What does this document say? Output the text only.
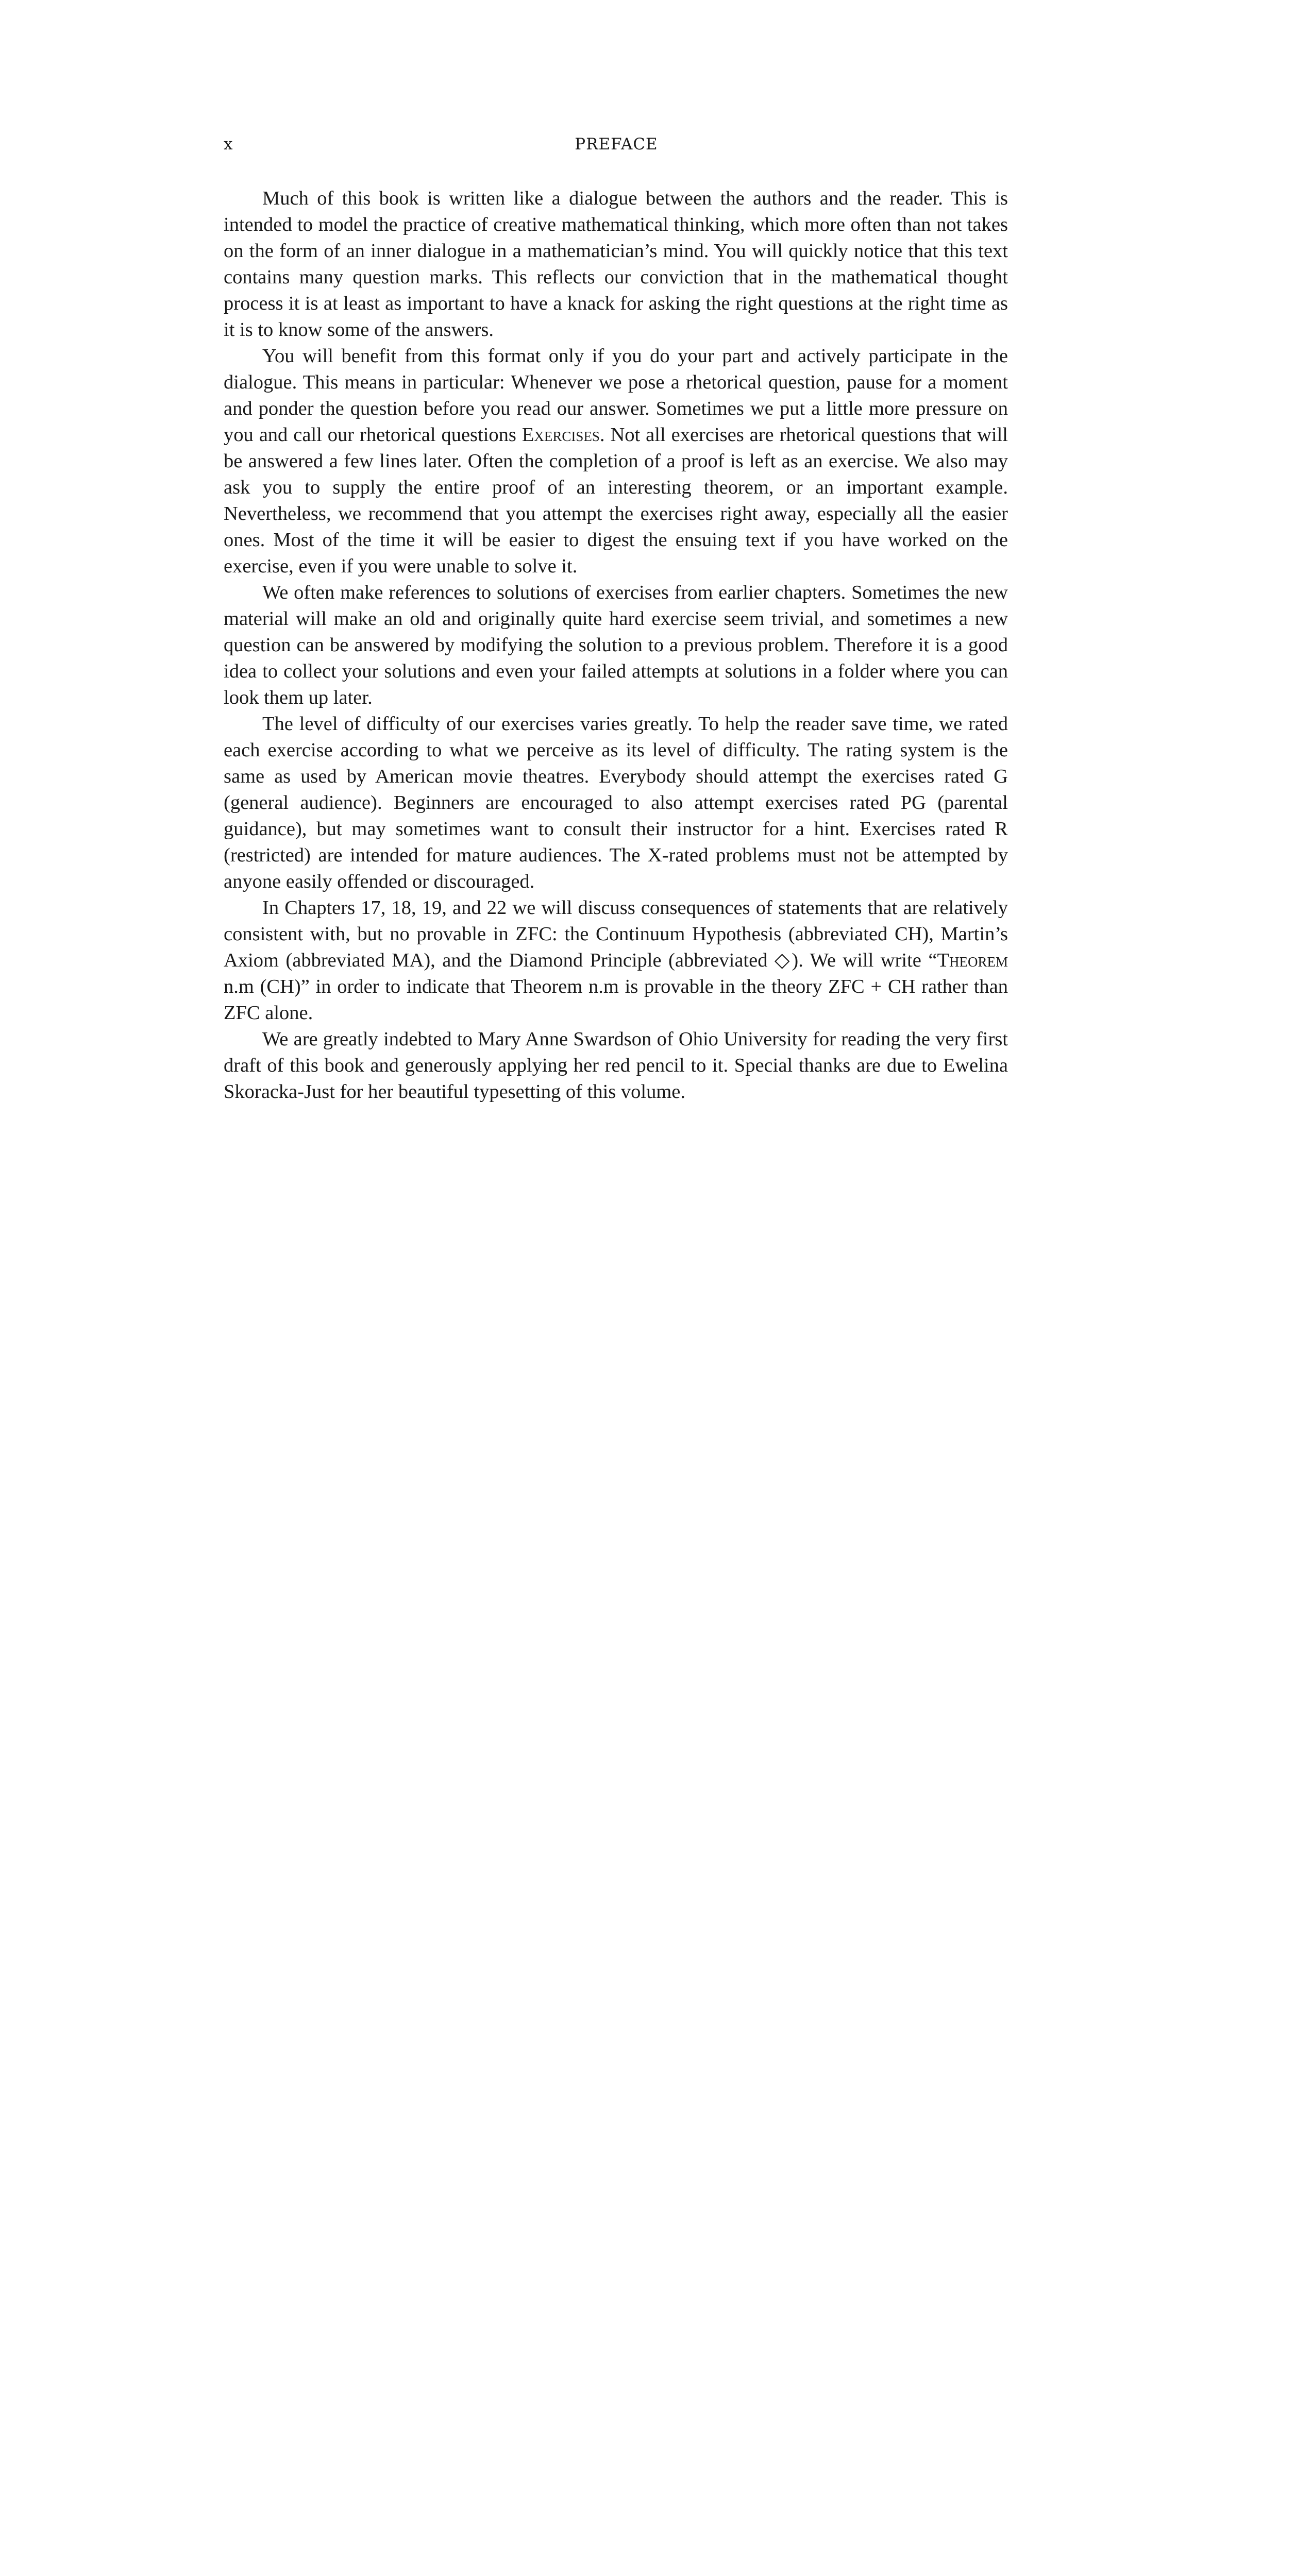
x	PREFACE

Much of this book is written like a dialogue between the authors and the reader. This is intended to model the practice of creative mathematical thinking, which more often than not takes on the form of an inner dialogue in a mathematician’s mind. You will quickly notice that this text contains many question marks. This reflects our conviction that in the mathematical thought process it is at least as important to have a knack for asking the right questions at the right time as it is to know some of the answers.

You will benefit from this format only if you do your part and actively participate in the dialogue. This means in particular: Whenever we pose a rhetorical question, pause for a moment and ponder the question before you read our answer. Sometimes we put a little more pressure on you and call our rhetorical questions Exercises. Not all exercises are rhetorical questions that will be answered a few lines later. Often the completion of a proof is left as an exercise. We also may ask you to supply the entire proof of an interesting theorem, or an important example. Nevertheless, we recommend that you attempt the exercises right away, especially all the easier ones. Most of the time it will be easier to digest the ensuing text if you have worked on the exercise, even if you were unable to solve it.

We often make references to solutions of exercises from earlier chapters. Sometimes the new material will make an old and originally quite hard exercise seem trivial, and sometimes a new question can be answered by modifying the solution to a previous problem. Therefore it is a good idea to collect your solutions and even your failed attempts at solutions in a folder where you can look them up later.

The level of difficulty of our exercises varies greatly. To help the reader save time, we rated each exercise according to what we perceive as its level of difficulty. The rating system is the same as used by American movie theatres. Everybody should attempt the exercises rated G (general audience). Beginners are encouraged to also attempt exercises rated PG (parental guidance), but may sometimes want to consult their instructor for a hint. Exercises rated R (restricted) are intended for mature audiences. The X-rated problems must not be attempted by anyone easily offended or discouraged.

In Chapters 17, 18, 19, and 22 we will discuss consequences of statements that are relatively consistent with, but no provable in ZFC: the Continuum Hypothesis (abbreviated CH), Martin’s Axiom (abbreviated MA), and the Diamond Principle (abbreviated ◇). We will write “Theorem n.m (CH)” in order to indicate that Theorem n.m is provable in the theory ZFC + CH rather than ZFC alone.

We are greatly indebted to Mary Anne Swardson of Ohio University for reading the very first draft of this book and generously applying her red pencil to it. Special thanks are due to Ewelina Skoracka-Just for her beautiful typesetting of this volume.
